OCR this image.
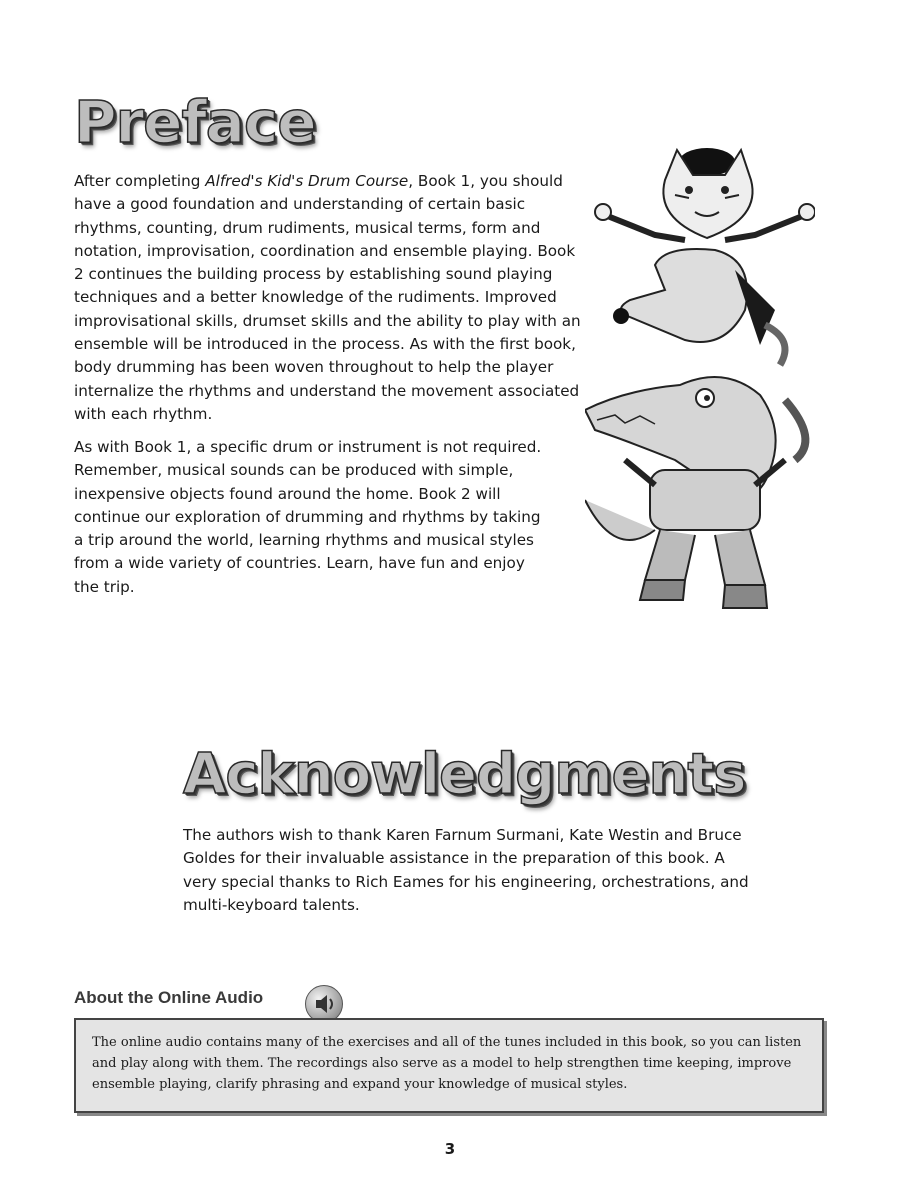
Preface

After completing Alfred's Kid's Drum Course, Book 1, you should have a good foundation and understanding of certain basic rhythms, counting, drum rudiments, musical terms, form and notation, improvisation, coordination and ensemble playing. Book 2 continues the building process by establishing sound playing techniques and a better knowledge of the rudiments. Improved improvisational skills, drumset skills and the ability to play with an ensemble will be introduced in the process. As with the first book, body drumming has been woven throughout to help the player internalize the rhythms and understand the movement associated with each rhythm.

As with Book 1, a specific drum or instrument is not required. Remember, musical sounds can be produced with simple, inexpensive objects found around the home. Book 2 will continue our exploration of drumming and rhythms by taking a trip around the world, learning rhythms and musical styles from a wide variety of countries. Learn, have fun and enjoy the trip.

Acknowledgments

The authors wish to thank Karen Farnum Surmani, Kate Westin and Bruce Goldes for their invaluable assistance in the preparation of this book. A very special thanks to Rich Eames for his engineering, orchestrations, and multi-keyboard talents.

About the Online Audio

The online audio contains many of the exercises and all of the tunes included in this book, so you can listen and play along with them. The recordings also serve as a model to help strengthen time keeping, improve ensemble playing, clarify phrasing and expand your knowledge of musical styles.

3
